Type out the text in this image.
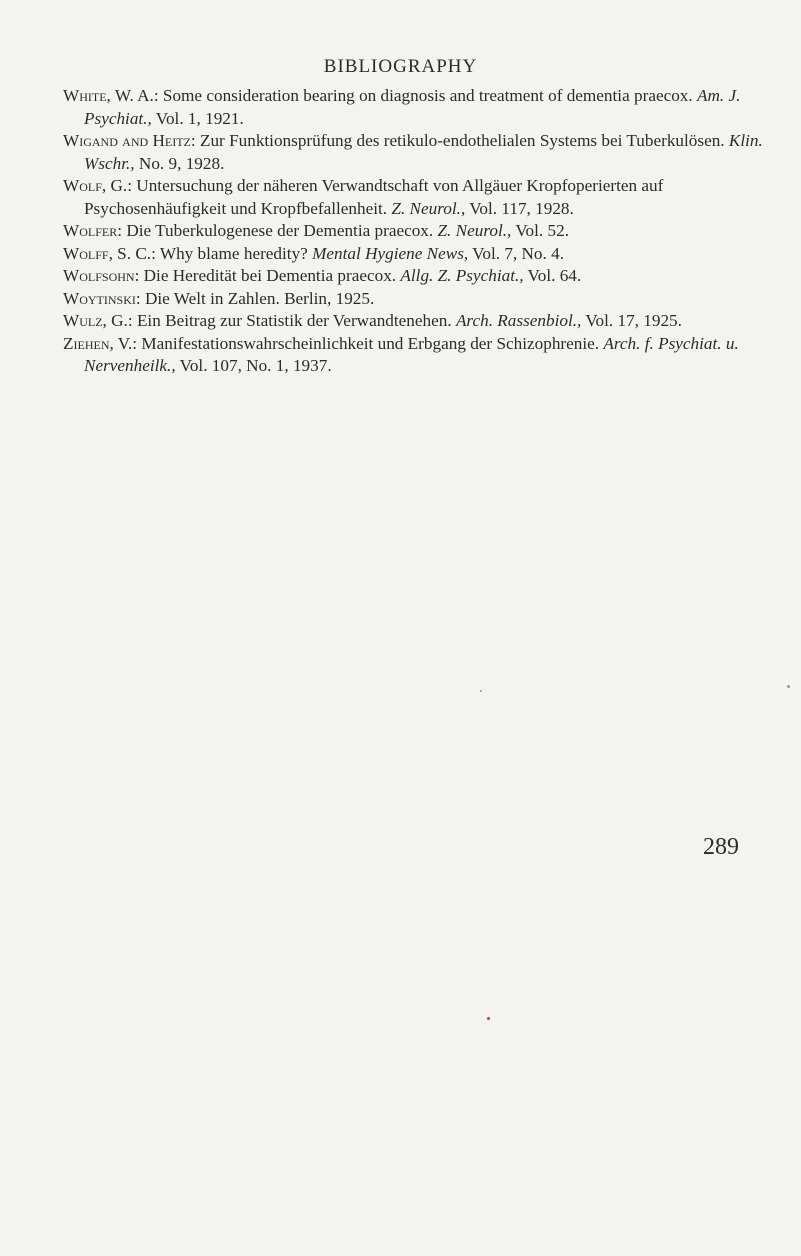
BIBLIOGRAPHY

White, W. A.: Some consideration bearing on diagnosis and treatment of dementia praecox. Am. J. Psychiat., Vol. 1, 1921.

Wigand and Heitz: Zur Funktionsprüfung des retikulo-endothelialen Systems bei Tuberkulösen. Klin. Wschr., No. 9, 1928.

Wolf, G.: Untersuchung der näheren Verwandtschaft von Allgäuer Kropfoperierten auf Psychosenhäufigkeit und Kropfbefallenheit. Z. Neurol., Vol. 117, 1928.

Wolfer: Die Tuberkulogenese der Dementia praecox. Z. Neurol., Vol. 52.

Wolff, S. C.: Why blame heredity? Mental Hygiene News, Vol. 7, No. 4.

Wolfsohn: Die Heredität bei Dementia praecox. Allg. Z. Psychiat., Vol. 64.

Woytinski: Die Welt in Zahlen. Berlin, 1925.

Wulz, G.: Ein Beitrag zur Statistik der Verwandtenehen. Arch. Rassenbiol., Vol. 17, 1925.

Ziehen, V.: Manifestationswahrscheinlichkeit und Erbgang der Schizophrenie. Arch. f. Psychiat. u. Nervenheilk., Vol. 107, No. 1, 1937.

289
